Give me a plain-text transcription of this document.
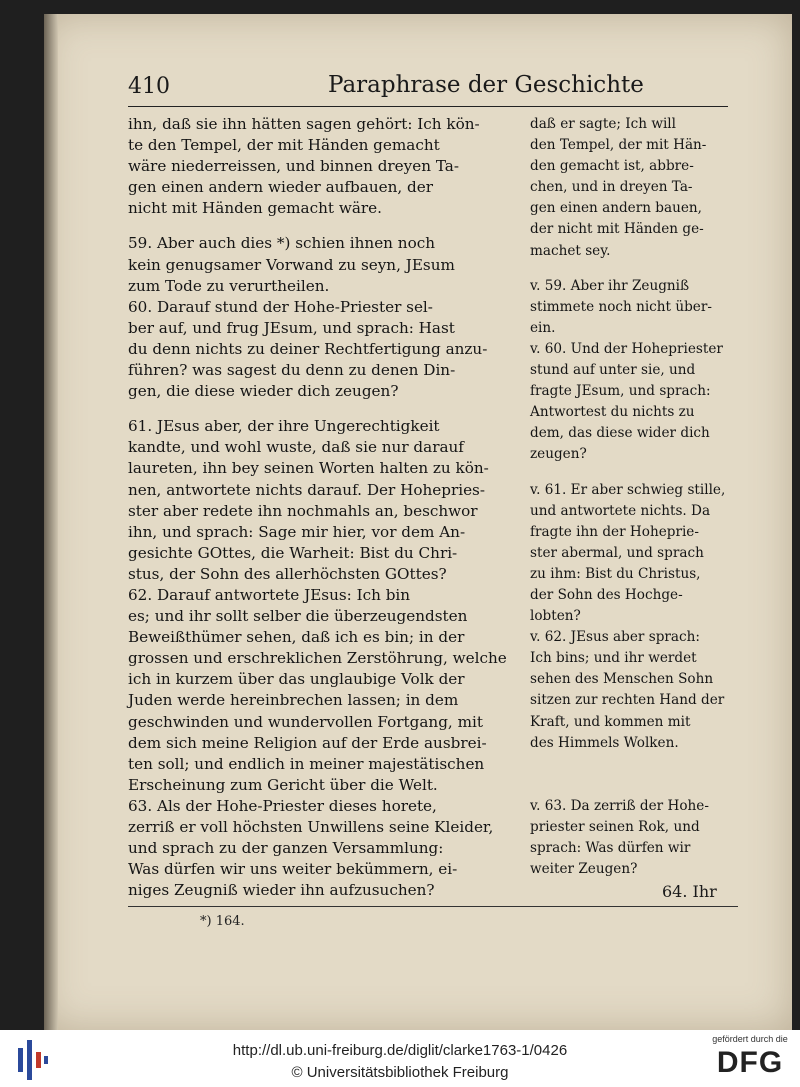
410	Paraphrase der Geschichte

ihn, daß sie ihn hätten sagen gehört: Ich kön-
te den Tempel, der mit Händen gemacht
wäre niederreissen, und binnen dreyen Ta-
gen einen andern wieder aufbauen, der
nicht mit Händen gemacht wäre.

59. Aber auch dies *) schien ihnen noch
kein genugsamer Vorwand zu seyn, JEsum
zum Tode zu verurtheilen.

60. Darauf stund der Hohe-Priester sel-
ber auf, und frug JEsum, und sprach: Hast
du denn nichts zu deiner Rechtfertigung anzu-
führen? was sagest du denn zu denen Din-
gen, die diese wieder dich zeugen?

61. JEsus aber, der ihre Ungerechtigkeit
kandte, und wohl wuste, daß sie nur darauf
laureten, ihn bey seinen Worten halten zu kön-
nen, antwortete nichts darauf. Der Hohepries-
ster aber redete ihn nochmahls an, beschwor
ihn, und sprach: Sage mir hier, vor dem An-
gesichte GOttes, die Warheit: Bist du Chri-
stus, der Sohn des allerhöchsten GOttes?

62. Darauf antwortete JEsus: Ich bin
es; und ihr sollt selber die überzeugendsten
Beweißthümer sehen, daß ich es bin; in der
grossen und erschreklichen Zerstöhrung, welche
ich in kurzem über das unglaubige Volk der
Juden werde hereinbrechen lassen; in dem
geschwinden und wundervollen Fortgang, mit
dem sich meine Religion auf der Erde ausbrei-
ten soll; und endlich in meiner majestätischen
Erscheinung zum Gericht über die Welt.

63. Als der Hohe-Priester dieses horete,
zerriß er voll höchsten Unwillens seine Kleider,
und sprach zu der ganzen Versammlung:
Was dürfen wir uns weiter bekümmern, ei-
niges Zeugniß wieder ihn aufzusuchen?

daß er sagte; Ich will
den Tempel, der mit Hän-
den gemacht ist, abbre-
chen, und in dreyen Ta-
gen einen andern bauen,
der nicht mit Händen ge-
machet sey.

v. 59. Aber ihr Zeugniß
stimmete noch nicht über-
ein.

v. 60. Und der Hohepriester
stund auf unter sie, und
fragte JEsum, und sprach:
Antwortest du nichts zu
dem, das diese wider dich
zeugen?

v. 61. Er aber schwieg stille,
und antwortete nichts. Da
fragte ihn der Hoheprie-
ster abermal, und sprach
zu ihm: Bist du Christus,
der Sohn des Hochge-
lobten?

v. 62. JEsus aber sprach:
Ich bins; und ihr werdet
sehen des Menschen Sohn
sitzen zur rechten Hand der
Kraft, und kommen mit
des Himmels Wolken.

v. 63. Da zerriß der Hohe-
priester seinen Rok, und
sprach: Was dürfen wir
weiter Zeugen?

64. Ihr
*) 164.
http://dl.ub.uni-freiburg.de/diglit/clarke1763-1/0426
© Universitätsbibliothek Freiburg
gefördert durch die
DFG
